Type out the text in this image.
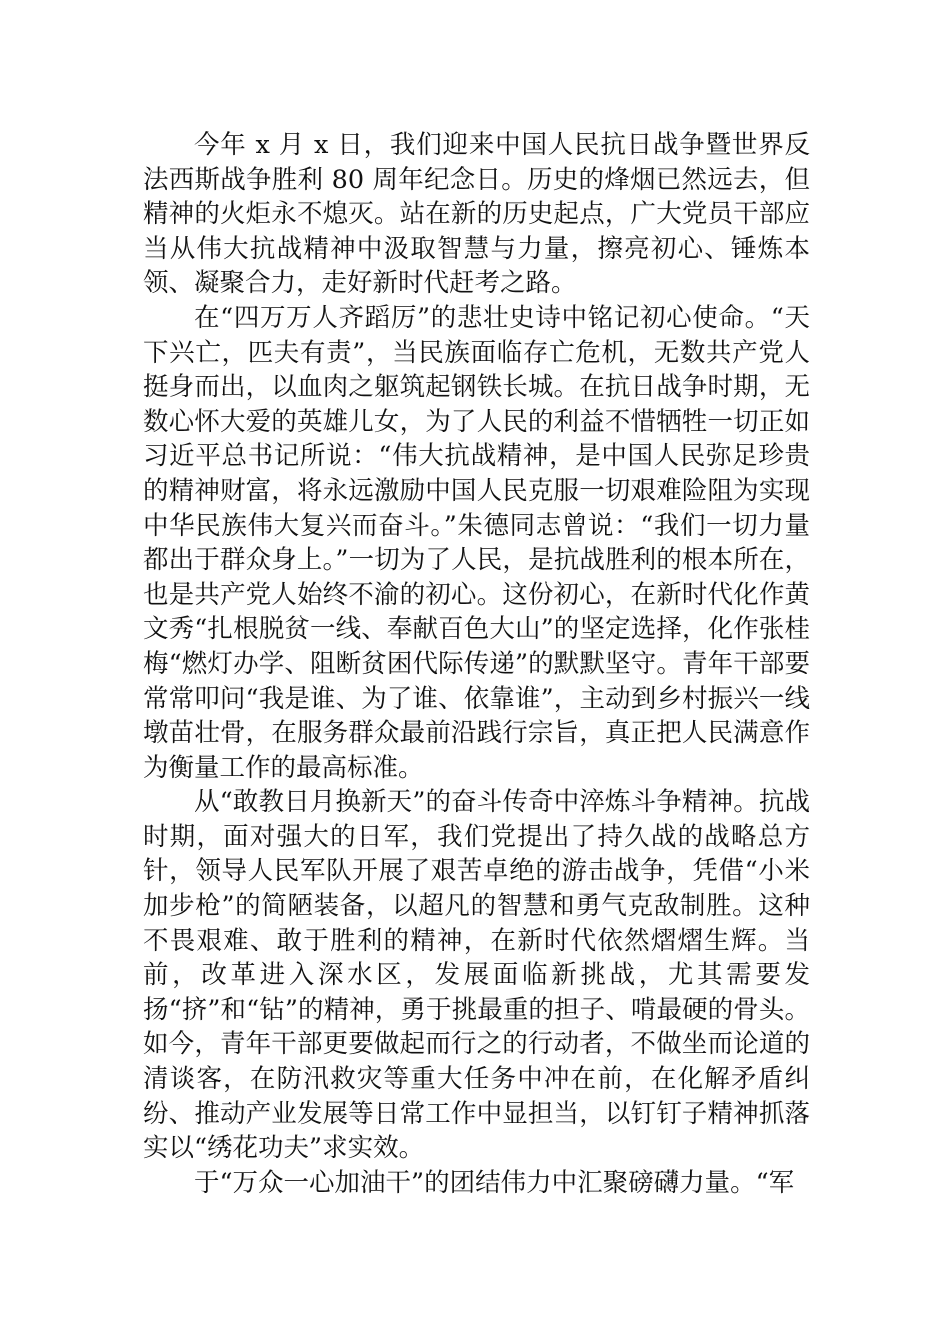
今年 x 月 x 日，我们迎来中国人民抗日战争暨世界反法西斯战争胜利 80 周年纪念日。历史的烽烟已然远去，但精神的火炬永不熄灭。站在新的历史起点，广大党员干部应当从伟大抗战精神中汲取智慧与力量，擦亮初心、锤炼本领、凝聚合力，走好新时代赶考之路。

在“四万万人齐蹈厉”的悲壮史诗中铭记初心使命。“天下兴亡，匹夫有责”，当民族面临存亡危机，无数共产党人挺身而出，以血肉之躯筑起钢铁长城。在抗日战争时期，无数心怀大爱的英雄儿女，为了人民的利益不惜牺牲一切正如习近平总书记所说：“伟大抗战精神，是中国人民弥足珍贵的精神财富，将永远激励中国人民克服一切艰难险阻为实现中华民族伟大复兴而奋斗。”朱德同志曾说：“我们一切力量都出于群众身上。”一切为了人民，是抗战胜利的根本所在，也是共产党人始终不渝的初心。这份初心，在新时代化作黄文秀“扎根脱贫一线、奉献百色大山”的坚定选择，化作张桂梅“燃灯办学、阻断贫困代际传递”的默默坚守。青年干部要常常叩问“我是谁、为了谁、依靠谁”，主动到乡村振兴一线墩苗壮骨，在服务群众最前沿践行宗旨，真正把人民满意作为衡量工作的最高标准。

从“敢教日月换新天”的奋斗传奇中淬炼斗争精神。抗战时期，面对强大的日军，我们党提出了持久战的战略总方针，领导人民军队开展了艰苦卓绝的游击战争，凭借“小米加步枪”的简陋装备，以超凡的智慧和勇气克敌制胜。这种不畏艰难、敢于胜利的精神，在新时代依然熠熠生辉。当前，改革进入深水区，发展面临新挑战，尤其需要发扬“挤”和“钻”的精神，勇于挑最重的担子、啃最硬的骨头。如今，青年干部更要做起而行之的行动者，不做坐而论道的清谈客，在防汛救灾等重大任务中冲在前，在化解矛盾纠纷、推动产业发展等日常工作中显担当，以钉钉子精神抓落实以“绣花功夫”求实效。

于“万众一心加油干”的团结伟力中汇聚磅礴力量。“军
